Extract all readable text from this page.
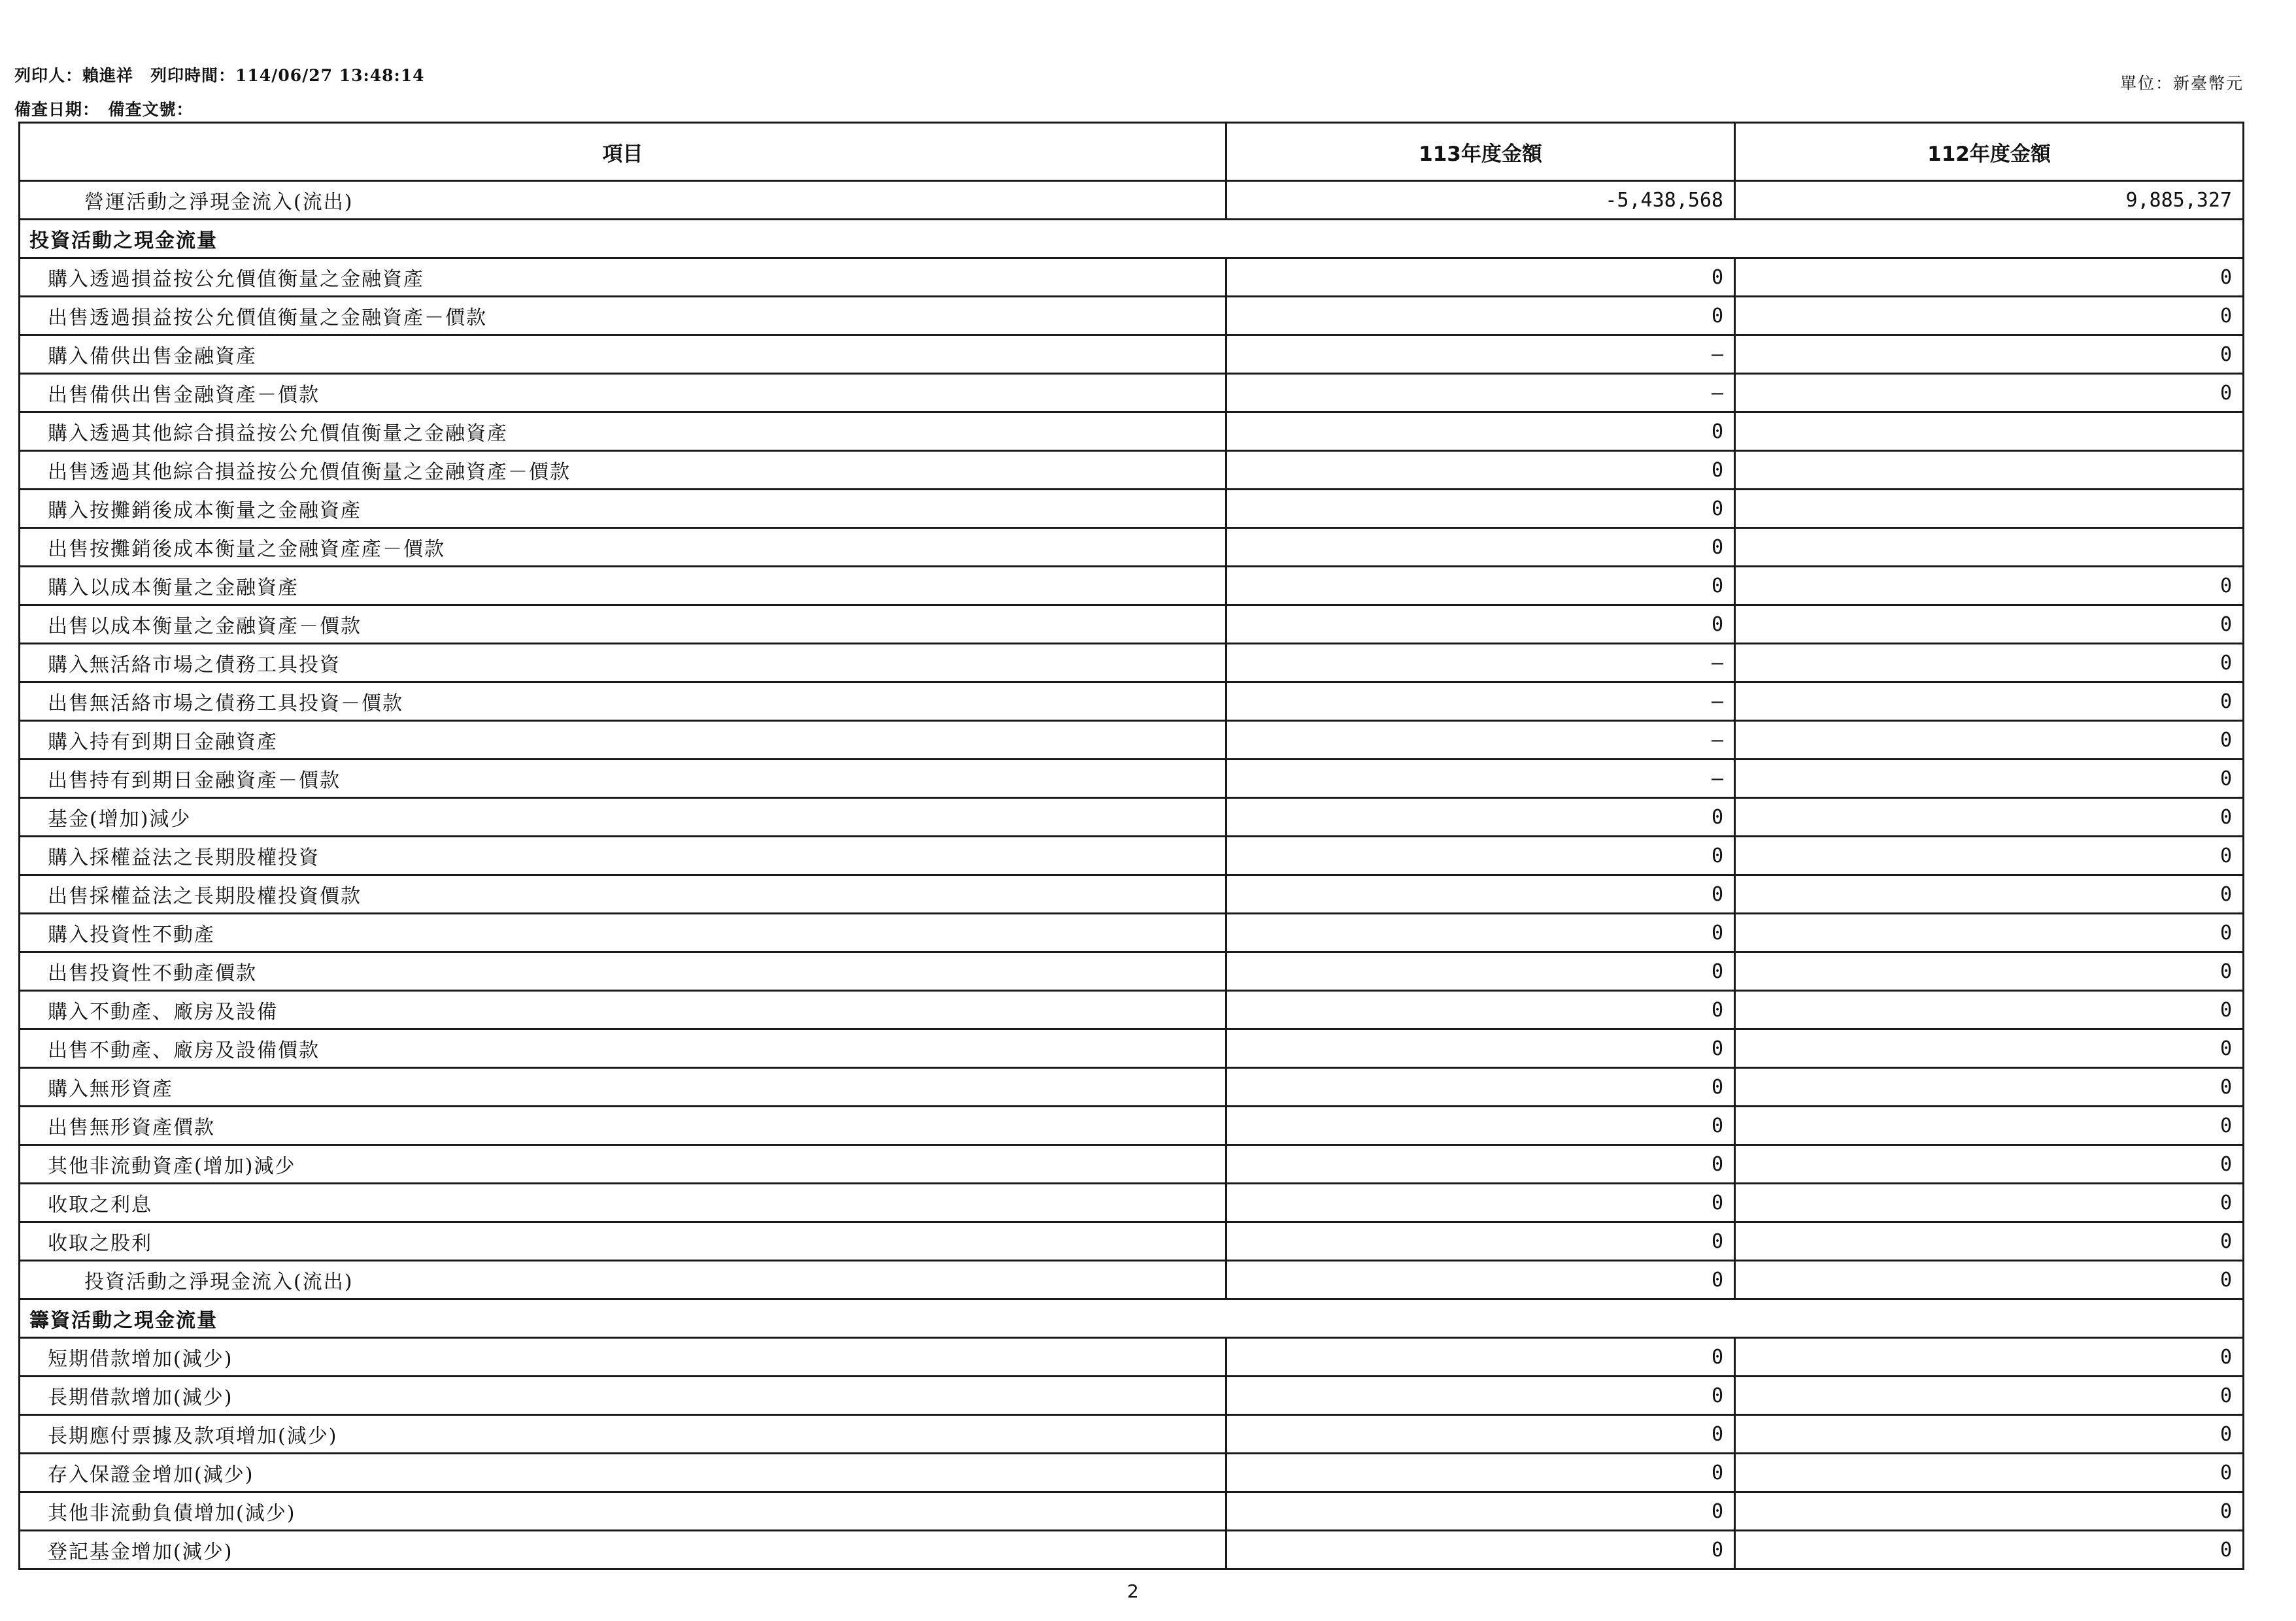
列印人：賴進祥　列印時間：114/06/27 13:48:14
備查日期：　備查文號：
單位：新臺幣元
項目	113年度金額	112年度金額
營運活動之淨現金流入(流出)	-5,438,568	9,885,327
投資活動之現金流量		
購入透過損益按公允價值衡量之金融資產	0	0
出售透過損益按公允價值衡量之金融資產－價款	0	0
購入備供出售金融資產	—	0
出售備供出售金融資產－價款	—	0
購入透過其他綜合損益按公允價值衡量之金融資產	0	
出售透過其他綜合損益按公允價值衡量之金融資產－價款	0	
購入按攤銷後成本衡量之金融資產	0	
出售按攤銷後成本衡量之金融資產產－價款	0	
購入以成本衡量之金融資產	0	0
出售以成本衡量之金融資產－價款	0	0
購入無活絡市場之債務工具投資	—	0
出售無活絡市場之債務工具投資－價款	—	0
購入持有到期日金融資產	—	0
出售持有到期日金融資產－價款	—	0
基金(增加)減少	0	0
購入採權益法之長期股權投資	0	0
出售採權益法之長期股權投資價款	0	0
購入投資性不動產	0	0
出售投資性不動產價款	0	0
購入不動產、廠房及設備	0	0
出售不動產、廠房及設備價款	0	0
購入無形資產	0	0
出售無形資產價款	0	0
其他非流動資產(增加)減少	0	0
收取之利息	0	0
收取之股利	0	0
投資活動之淨現金流入(流出)	0	0
籌資活動之現金流量		
短期借款增加(減少)	0	0
長期借款增加(減少)	0	0
長期應付票據及款項增加(減少)	0	0
存入保證金增加(減少)	0	0
其他非流動負債增加(減少)	0	0
登記基金增加(減少)	0	0
2
